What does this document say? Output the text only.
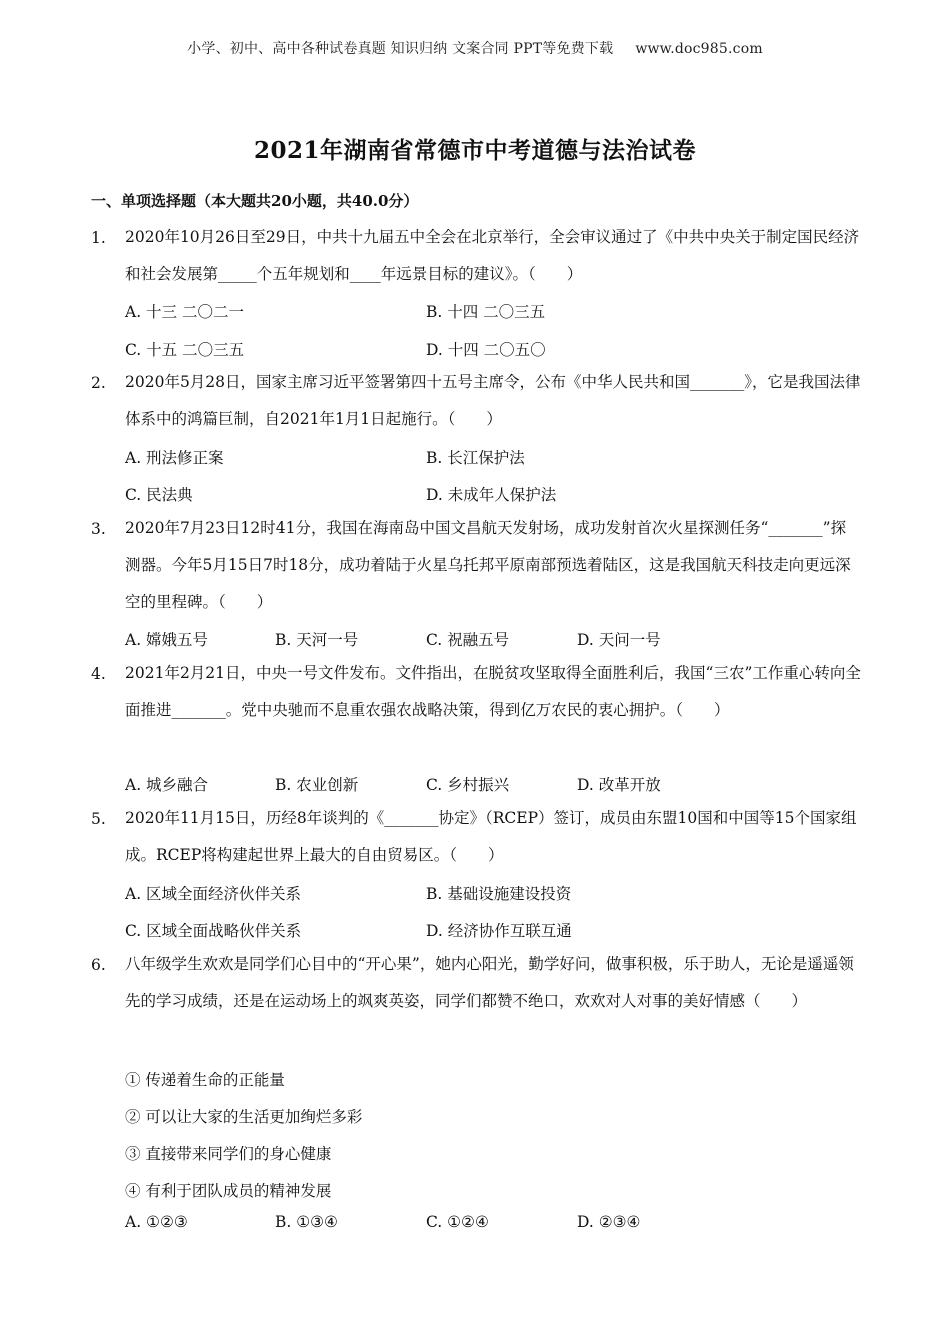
小学、初中、高中各种试卷真题 知识归纳 文案合同 PPT等免费下载 www.doc985.com
2021年湖南省常德市中考道德与法治试卷
一、单项选择题（本大题共20小题，共40.0分）
1.	2020年10月26日至29日，中共十九届五中全会在北京举行，全会审议通过了《中共中央关于制定国民经济和社会发展第_____个五年规划和____年远景目标的建议》。（　　）
A. 十三 二〇二一	B. 十四 二〇三五
C. 十五 二〇三五	D. 十四 二〇五〇
2.	2020年5月28日，国家主席习近平签署第四十五号主席令，公布《中华人民共和国_______》，它是我国法律体系中的鸿篇巨制，自2021年1月1日起施行。（　　）
A. 刑法修正案	B. 长江保护法
C. 民法典	D. 未成年人保护法
3.	2020年7月23日12时41分，我国在海南岛中国文昌航天发射场，成功发射首次火星探测任务“_______”探测器。今年5月15日7时18分，成功着陆于火星乌托邦平原南部预选着陆区，这是我国航天科技走向更远深空的里程碑。（　　）
A. 嫦娥五号	B. 天河一号	C. 祝融五号	D. 天问一号
4.	2021年2月21日，中央一号文件发布。文件指出，在脱贫攻坚取得全面胜利后，我国“三农”工作重心转向全面推进_______。党中央驰而不息重农强农战略决策，得到亿万农民的衷心拥护。（　　）
A. 城乡融合	B. 农业创新	C. 乡村振兴	D. 改革开放
5.	2020年11月15日，历经8年谈判的《_______协定》（RCEP）签订，成员由东盟10国和中国等15个国家组成。RCEP将构建起世界上最大的自由贸易区。（　　）
A. 区域全面经济伙伴关系	B. 基础设施建设投资
C. 区域全面战略伙伴关系	D. 经济协作互联互通
6.	八年级学生欢欢是同学们心目中的“开心果”，她内心阳光，勤学好问，做事积极，乐于助人，无论是遥遥领先的学习成绩，还是在运动场上的飒爽英姿，同学们都赞不绝口，欢欢对人对事的美好情感（　　）
① 传递着生命的正能量
② 可以让大家的生活更加绚烂多彩
③ 直接带来同学们的身心健康
④ 有利于团队成员的精神发展
A. ①②③	B. ①③④	C. ①②④	D. ②③④
